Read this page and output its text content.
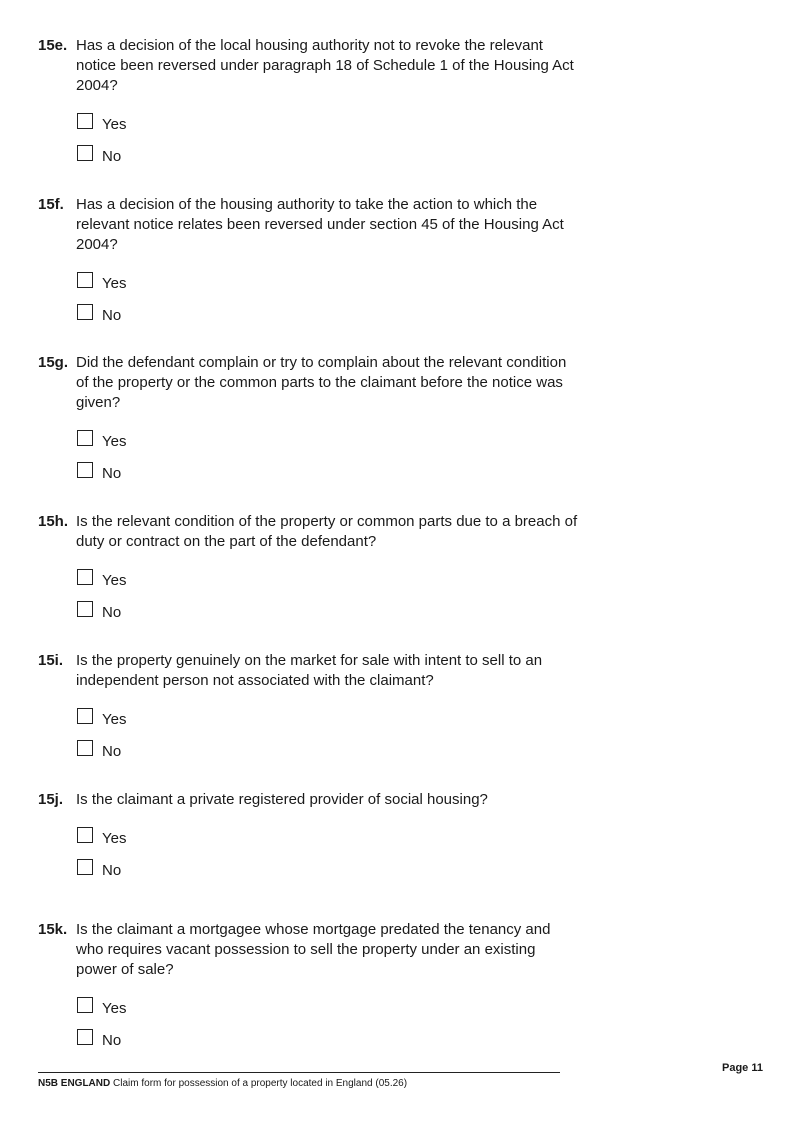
15e. Has a decision of the local housing authority not to revoke the relevant notice been reversed under paragraph 18 of Schedule 1 of the Housing Act 2004?
Yes
No
15f. Has a decision of the housing authority to take the action to which the relevant notice relates been reversed under section 45 of the Housing Act 2004?
Yes
No
15g. Did the defendant complain or try to complain about the relevant condition of the property or the common parts to the claimant before the notice was given?
Yes
No
15h. Is the relevant condition of the property or common parts due to a breach of duty or contract on the part of the defendant?
Yes
No
15i. Is the property genuinely on the market for sale with intent to sell to an independent person not associated with the claimant?
Yes
No
15j. Is the claimant a private registered provider of social housing?
Yes
No
15k. Is the claimant a mortgagee whose mortgage predated the tenancy and who requires vacant possession to sell the property under an existing power of sale?
Yes
No
N5B ENGLAND Claim form for possession of a property located in England (05.26)
Page 11
